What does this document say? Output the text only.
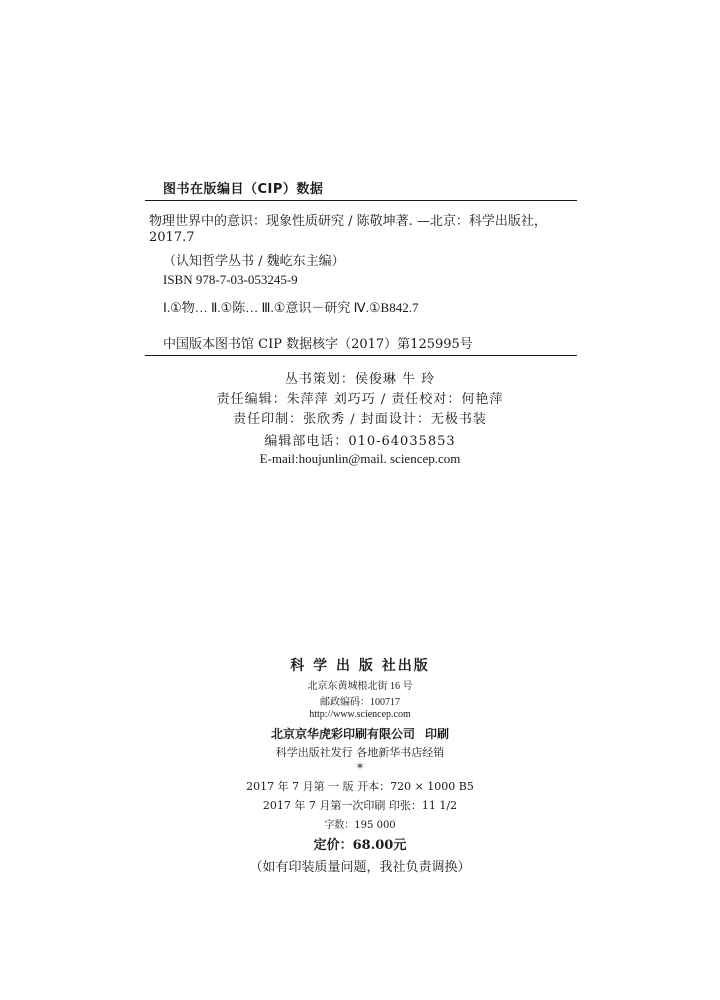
图书在版编目（CIP）数据
物理世界中的意识：现象性质研究 / 陈敬坤著. —北京：科学出版社，
2017.7
（认知哲学丛书 / 魏屹东主编）
ISBN 978-7-03-053245-9
Ⅰ.①物… Ⅱ.①陈… Ⅲ.①意识－研究 Ⅳ.①B842.7
中国版本图书馆 CIP 数据核字（2017）第125995号
丛书策划：侯俊琳 牛 玲
责任编辑：朱萍萍 刘巧巧 / 责任校对：何艳萍
责任印制：张欣秀 / 封面设计：无极书装
编辑部电话：010-64035853
E-mail:houjunlin@mail. sciencep.com
科 学 出 版 社出版
北京东黄城根北街 16 号
邮政编码：100717
http://www.sciencep.com
北京京华虎彩印刷有限公司 印刷
科学出版社发行 各地新华书店经销
*
2017 年 7 月第 一 版 开本：720 × 1000 B5
2017 年 7 月第一次印刷 印张：11 1/2
字数：195 000
定价：68.00元
（如有印装质量问题，我社负责调换）
